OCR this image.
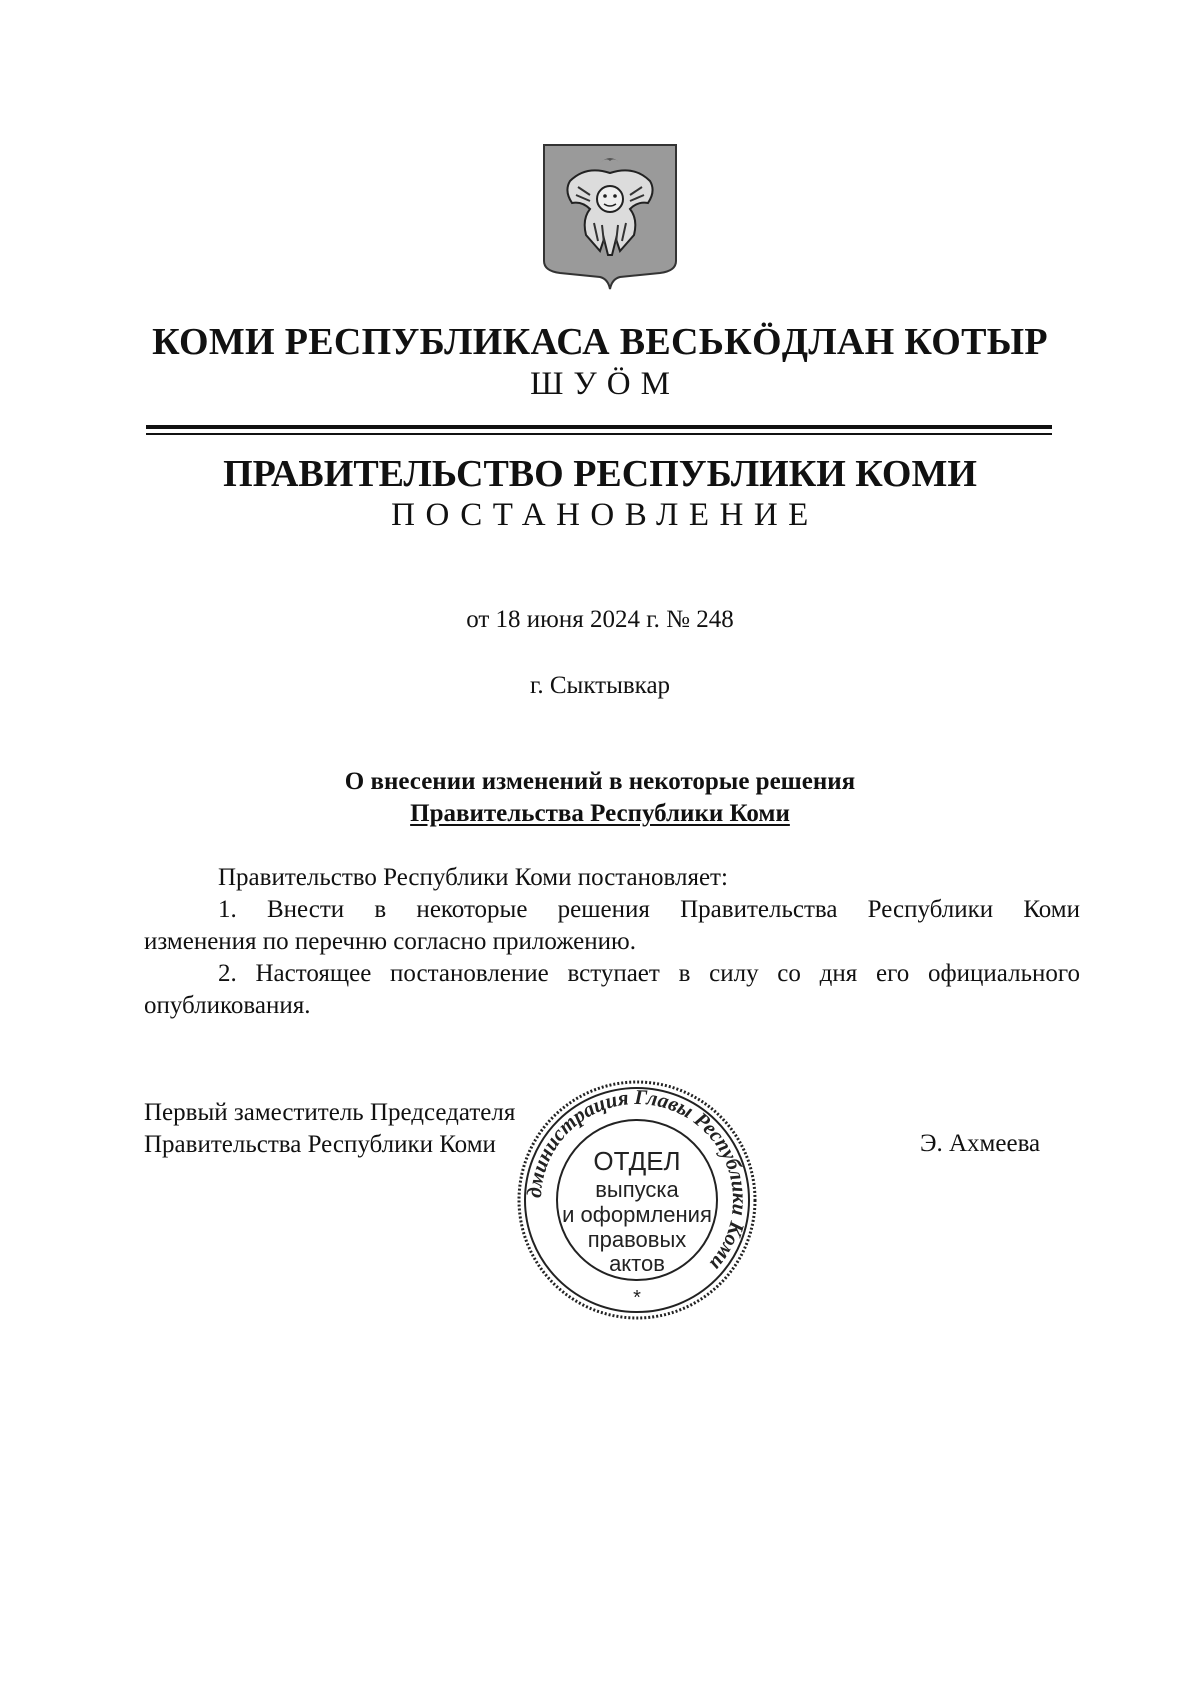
КОМИ РЕСПУБЛИКАСА ВЕСЬКÖДЛАН КОТЫР
ШУÖМ
ПРАВИТЕЛЬСТВО РЕСПУБЛИКИ КОМИ
ПОСТАНОВЛЕНИЕ
от 18 июня 2024 г. № 248
г. Сыктывкар
О внесении изменений в некоторые решения
Правительства Республики Коми
Правительство Республики Коми постановляет:
1. Внести в некоторые решения Правительства Республики Коми
изменения по перечню согласно приложению.
2. Настоящее постановление вступает в силу со дня его официального
опубликования.
Первый заместитель Председателя
Правительства Республики Коми	Э. Ахмеева
дминистрация Главы Республики Коми
ОТДЕЛ
выпуска
и оформления
правовых
актов
*
